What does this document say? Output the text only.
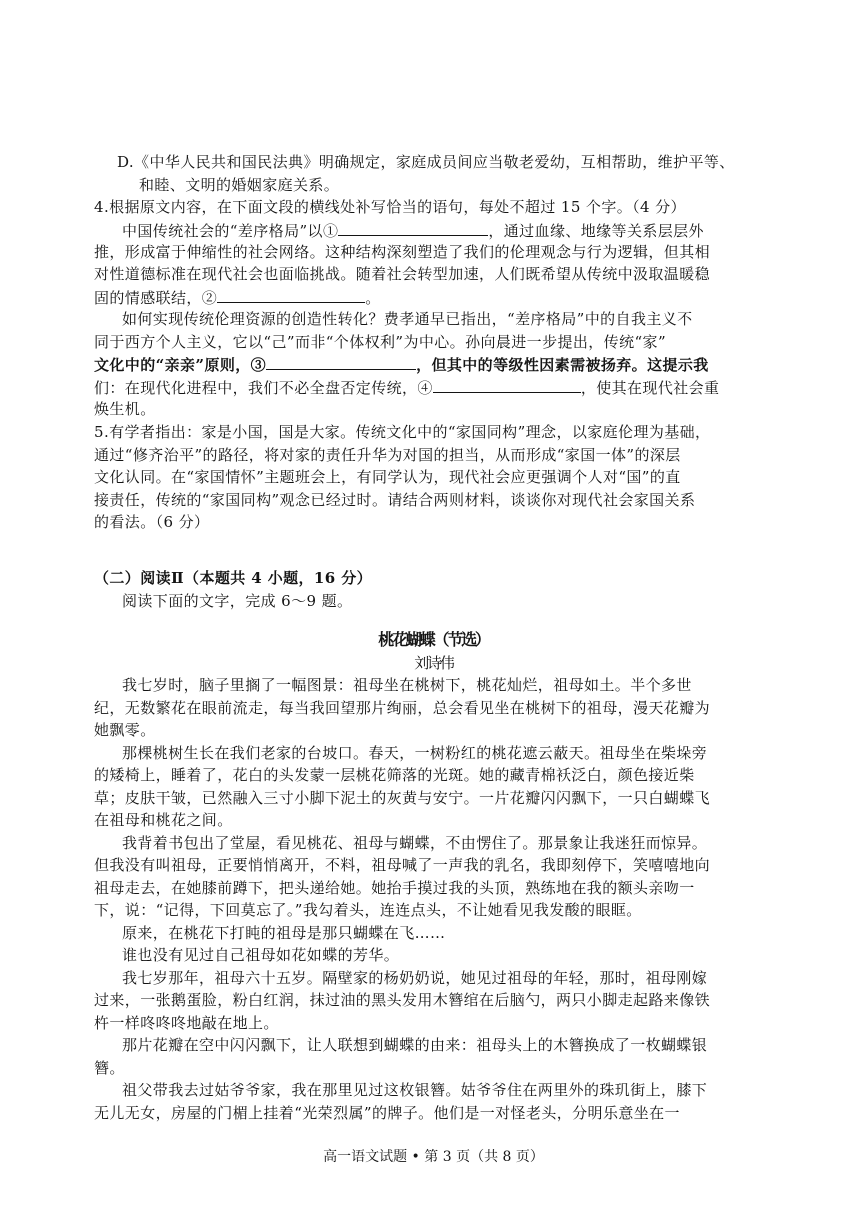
D.《中华人民共和国民法典》明确规定，家庭成员间应当敬老爱幼，互相帮助，维护平等、
和睦、文明的婚姻家庭关系。
4.根据原文内容，在下面文段的横线处补写恰当的语句，每处不超过 15 个字。（4 分）
中国传统社会的“差序格局”以①	，通过血缘、地缘等关系层层外
推，形成富于伸缩性的社会网络。这种结构深刻塑造了我们的伦理观念与行为逻辑，但其相
对性道德标准在现代社会也面临挑战。随着社会转型加速，人们既希望从传统中汲取温暖稳
固的情感联结，②	。
如何实现传统伦理资源的创造性转化？费孝通早已指出，“差序格局”中的自我主义不
同于西方个人主义，它以“己”而非“个体权利”为中心。孙向晨进一步提出，传统“家”
文化中的“亲亲”原则，③	，但其中的等级性因素需被扬弃。这提示我
们：在现代化进程中，我们不必全盘否定传统，④	，使其在现代社会重
焕生机。
5.有学者指出：家是小国，国是大家。传统文化中的“家国同构”理念，以家庭伦理为基础，
通过“修齐治平”的路径，将对家的责任升华为对国的担当，从而形成“家国一体”的深层
文化认同。在“家国情怀”主题班会上，有同学认为，现代社会应更强调个人对“国”的直
接责任，传统的“家国同构”观念已经过时。请结合两则材料，谈谈你对现代社会家国关系
的看法。（6 分）
（二）阅读Ⅱ（本题共 4 小题，16 分）
阅读下面的文字，完成 6～9 题。
桃花蝴蝶（节选）
刘诗伟
我七岁时，脑子里搁了一幅图景：祖母坐在桃树下，桃花灿烂，祖母如土。半个多世
纪，无数繁花在眼前流走，每当我回望那片绚丽，总会看见坐在桃树下的祖母，漫天花瓣为
她飘零。
那棵桃树生长在我们老家的台坡口。春天，一树粉红的桃花遮云蔽天。祖母坐在柴垛旁
的矮椅上，睡着了，花白的头发蒙一层桃花筛落的光斑。她的藏青棉袄泛白，颜色接近柴
草；皮肤干皱，已然融入三寸小脚下泥土的灰黄与安宁。一片花瓣闪闪飘下，一只白蝴蝶飞
在祖母和桃花之间。
我背着书包出了堂屋，看见桃花、祖母与蝴蝶，不由愣住了。那景象让我迷狂而惊异。
但我没有叫祖母，正要悄悄离开，不料，祖母喊了一声我的乳名，我即刻停下，笑嘻嘻地向
祖母走去，在她膝前蹲下，把头递给她。她抬手摸过我的头顶，熟练地在我的额头亲吻一
下，说：“记得，下回莫忘了。”我勾着头，连连点头，不让她看见我发酸的眼眶。
原来，在桃花下打盹的祖母是那只蝴蝶在飞……
谁也没有见过自己祖母如花如蝶的芳华。
我七岁那年，祖母六十五岁。隔壁家的杨奶奶说，她见过祖母的年轻，那时，祖母刚嫁
过来，一张鹅蛋脸，粉白红润，抹过油的黑头发用木簪绾在后脑勺，两只小脚走起路来像铁
杵一样咚咚咚地敲在地上。
那片花瓣在空中闪闪飘下，让人联想到蝴蝶的由来：祖母头上的木簪换成了一枚蝴蝶银
簪。
祖父带我去过姑爷爷家，我在那里见过这枚银簪。姑爷爷住在两里外的珠玑街上，膝下
无儿无女，房屋的门楣上挂着“光荣烈属”的牌子。他们是一对怪老头，分明乐意坐在一
高一语文试题 • 第 3 页（共 8 页）
